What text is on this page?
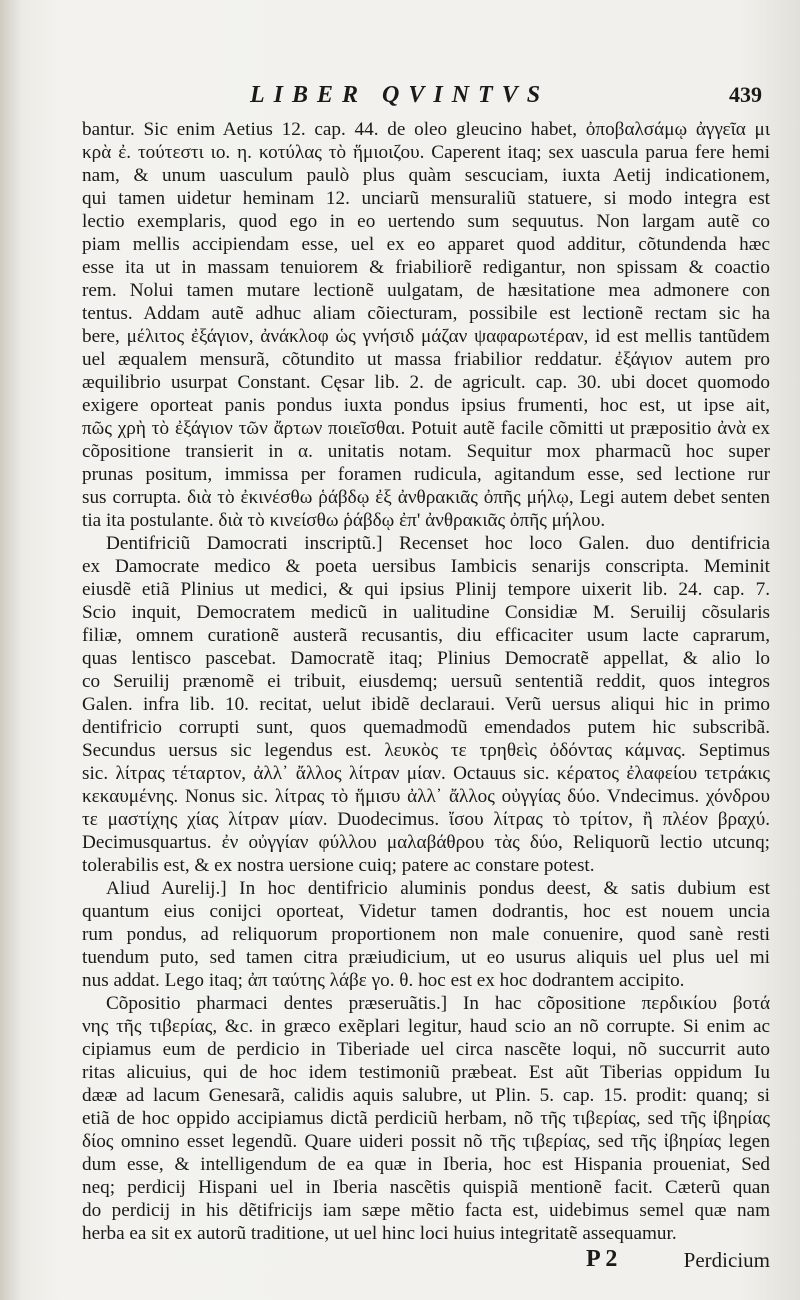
LIBER QVINTVS	439
bantur. Sic enim Aetius 12. cap. 44. de oleo gleucino habet, ὀποβαλσάμῳ ἀγγεῖα μι
κρὰ ἐ. τούτεστι ιο. η. κοτύλας τὸ ἥμιοιζου. Caperent itaq; sex uascula parua fere hemi
nam, & unum uasculum paulò plus quàm sescuciam, iuxta Aetij indicationem,
qui tamen uidetur heminam 12. unciarũ mensuraliũ statuere, si modo integra est
lectio exemplaris, quod ego in eo uertendo sum sequutus. Non largam autẽ co
piam mellis accipiendam esse, uel ex eo apparet quod additur, cõtundenda hæc
esse ita ut in massam tenuiorem & friabiliorẽ redigantur, non spissam & coactio
rem. Nolui tamen mutare lectionẽ uulgatam, de hæsitatione mea admonere con
tentus. Addam autẽ adhuc aliam cõiecturam, possibile est lectionẽ rectam sic ha
bere, μέλιτος ἐξάγιον, ἀνάκλοφ ὡς γνήσιδ μάζαν ψαφαρωτέραν, id est mellis tantũdem
uel æqualem mensurã, cõtundito ut massa friabilior reddatur. ἐξάγιον autem pro
æquilibrio usurpat Constant. Cęsar lib. 2. de agricult. cap. 30. ubi docet quomodo
exigere oporteat panis pondus iuxta pondus ipsius frumenti, hoc est, ut ipse ait,
πῶς χρὴ τὸ ἐξάγιον τῶν ἄρτων ποιεῖσθαι. Potuit autẽ facile cõmitti ut præpositio ἀνὰ ex
cõpositione transierit in α. unitatis notam. Sequitur mox pharmacũ hoc super
prunas positum, immissa per foramen rudicula, agitandum esse, sed lectione rur
sus corrupta. διὰ τὸ ἐκινέσθω ῥάβδῳ ἐξ ἀνθρακιᾶς ὀπῆς μήλῳ, Legi autem debet senten
tia ita postulante. διὰ τὸ κινείσθω ῥάβδῳ ἐπ' ἀνθρακιᾶς ὀπῆς μήλου.
Dentifriciũ Damocrati inscriptũ.] Recenset hoc loco Galen. duo dentifricia
ex Damocrate medico & poeta uersibus Iambicis senarijs conscripta. Meminit
eiusdẽ etiã Plinius ut medici, & qui ipsius Plinij tempore uixerit lib. 24. cap. 7.
Scio inquit, Democratem medicũ in ualitudine Considiæ M. Seruilij cõsularis
filiæ, omnem curationẽ austerã recusantis, diu efficaciter usum lacte caprarum,
quas lentisco pascebat. Damocratẽ itaq; Plinius Democratẽ appellat, & alio lo
co Seruilij prænomẽ ei tribuit, eiusdemq; uersuũ sententiã reddit, quos integros
Galen. infra lib. 10. recitat, uelut ibidẽ declaraui. Verũ uersus aliqui hic in primo
dentifricio corrupti sunt, quos quemadmodũ emendados putem hic subscribã.
Secundus uersus sic legendus est. λευκὸς τε τρηθεὶς ὀδόντας κάμνας. Septimus
sic. λίτρας τέταρτον, ἀλλ᾽ ἄλλος λίτραν μίαν. Octauus sic. κέρατος ἐλαφείου τετράκις
κεκαυμένης. Nonus sic. λίτρας τὸ ἥμισυ ἀλλ᾽ ἄλλος οὐγγίας δύο. Vndecimus. χόνδρου
τε μαστίχης χίας λίτραν μίαν. Duodecimus. ἴσου λίτρας τὸ τρίτον, ἢ πλέον βραχύ.
Decimusquartus. ἐν οὐγγίαν φύλλου μαλαβάθρου τὰς δύο, Reliquorũ lectio utcunq;
tolerabilis est, & ex nostra uersione cuiq; patere ac constare potest.
Aliud Aurelij.] In hoc dentifricio aluminis pondus deest, & satis dubium est
quantum eius conijci oporteat, Videtur tamen dodrantis, hoc est nouem uncia
rum pondus, ad reliquorum proportionem non male conuenire, quod sanè resti
tuendum puto, sed tamen citra præiudicium, ut eo usurus aliquis uel plus uel mi
nus addat. Lego itaq; ἀπ ταύτης λάβε γο. θ. hoc est ex hoc dodrantem accipito.
Cõpositio pharmaci dentes præseruãtis.] In hac cõpositione περδικίου βοτά
νης τῆς τιβερίας, &c. in græco exẽplari legitur, haud scio an nõ corrupte. Si enim ac
cipiamus eum de perdicio in Tiberiade uel circa nascẽte loqui, nõ succurrit auto
ritas alicuius, qui de hoc idem testimoniũ præbeat. Est aũt Tiberias oppidum Iu
dææ ad lacum Genesarã, calidis aquis salubre, ut Plin. 5. cap. 15. prodit: quanq; si
etiã de hoc oppido accipiamus dictã perdiciũ herbam, nõ τῆς τιβερίας, sed τῆς ἰβηρίας
δίος omnino esset legendũ. Quare uideri possit nõ τῆς τιβερίας, sed τῆς ἰβηρίας legen
dum esse, & intelligendum de ea quæ in Iberia, hoc est Hispania proueniat, Sed
neq; perdicij Hispani uel in Iberia nascẽtis quispiã mentionẽ facit. Cæterũ quan
do perdicij in his dẽtifricijs iam sæpe mẽtio facta est, uidebimus semel quæ nam
herba ea sit ex autorũ traditione, ut uel hinc loci huius integritatẽ assequamur.
P 2	Perdicium
